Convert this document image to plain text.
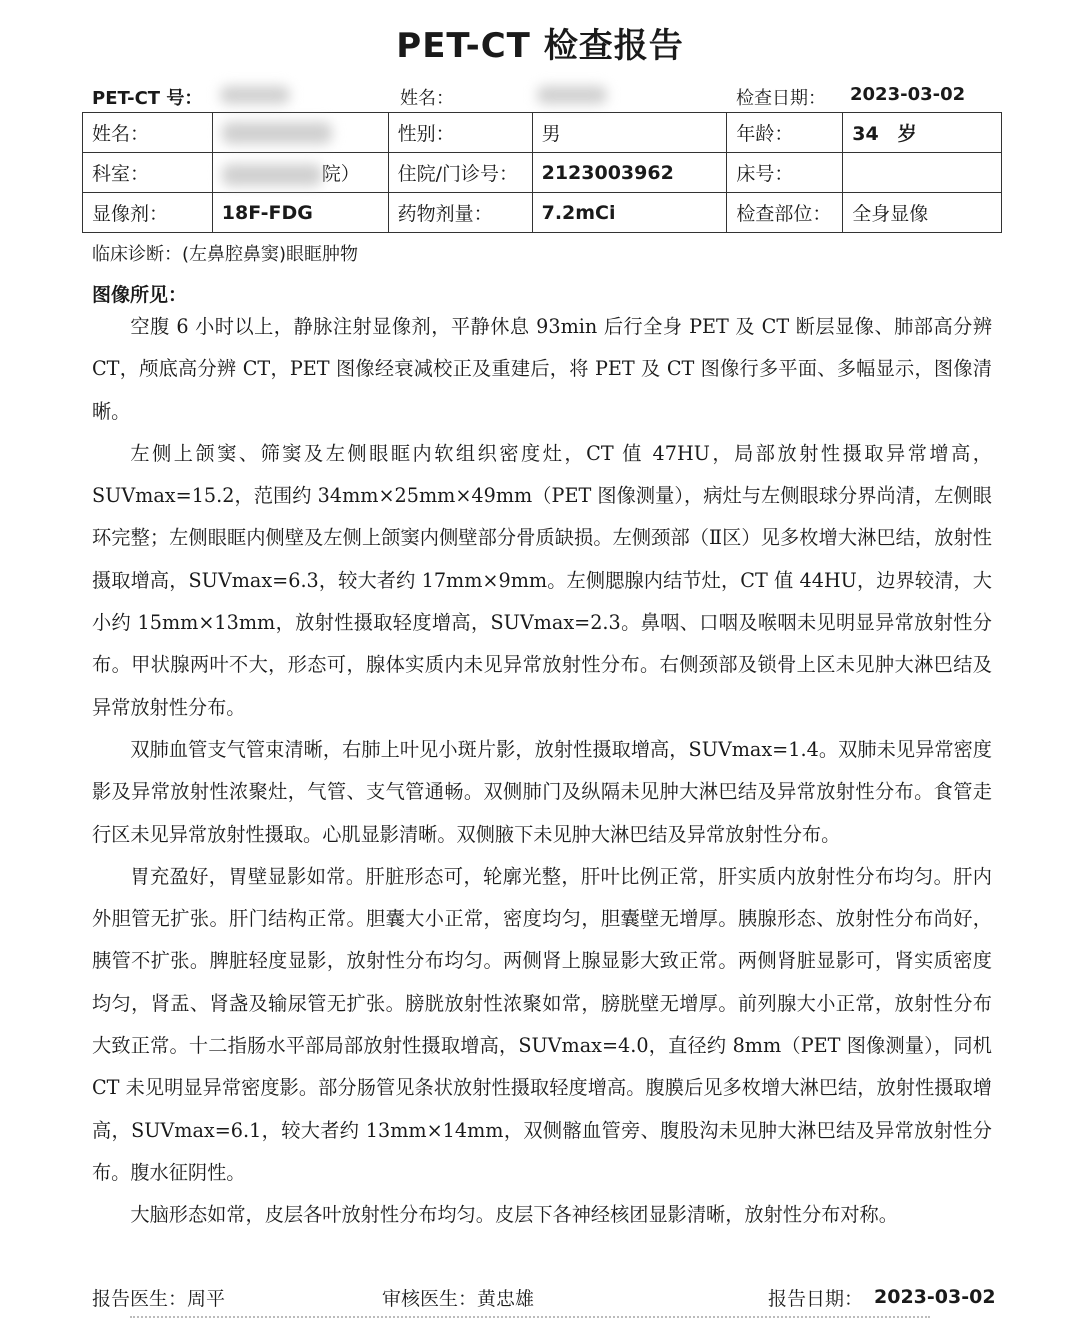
PET-CT 检查报告
PET-CT 号：	姓名：	检查日期： 2023-03-02
姓名：		性别：	男	年龄：	34　岁
科室：	院）	住院/门诊号：	2123003962	床号：	
显像剂：	18F-FDG	药物剂量：	7.2mCi	检查部位：	全身显像
临床诊断：(左鼻腔鼻窦)眼眶肿物
图像所见：

空腹 6 小时以上，静脉注射显像剂，平静休息 93min 后行全身 PET 及 CT 断层显像、肺部高分辨 CT，颅底高分辨 CT，PET 图像经衰减校正及重建后，将 PET 及 CT 图像行多平面、多幅显示，图像清晰。

左侧上颌窦、筛窦及左侧眼眶内软组织密度灶，CT 值 47HU，局部放射性摄取异常增高，SUVmax=15.2，范围约 34mm×25mm×49mm（PET 图像测量），病灶与左侧眼球分界尚清，左侧眼环完整；左侧眼眶内侧壁及左侧上颌窦内侧壁部分骨质缺损。左侧颈部（Ⅱ区）见多枚增大淋巴结，放射性摄取增高，SUVmax=6.3，较大者约 17mm×9mm。左侧腮腺内结节灶，CT 值 44HU，边界较清，大小约 15mm×13mm，放射性摄取轻度增高，SUVmax=2.3。鼻咽、口咽及喉咽未见明显异常放射性分布。甲状腺两叶不大，形态可，腺体实质内未见异常放射性分布。右侧颈部及锁骨上区未见肿大淋巴结及异常放射性分布。

双肺血管支气管束清晰，右肺上叶见小斑片影，放射性摄取增高，SUVmax=1.4。双肺未见异常密度影及异常放射性浓聚灶，气管、支气管通畅。双侧肺门及纵隔未见肿大淋巴结及异常放射性分布。食管走行区未见异常放射性摄取。心肌显影清晰。双侧腋下未见肿大淋巴结及异常放射性分布。

胃充盈好，胃壁显影如常。肝脏形态可，轮廓光整，肝叶比例正常，肝实质内放射性分布均匀。肝内外胆管无扩张。肝门结构正常。胆囊大小正常，密度均匀，胆囊壁无增厚。胰腺形态、放射性分布尚好，胰管不扩张。脾脏轻度显影，放射性分布均匀。两侧肾上腺显影大致正常。两侧肾脏显影可，肾实质密度均匀，肾盂、肾盏及输尿管无扩张。膀胱放射性浓聚如常，膀胱壁无增厚。前列腺大小正常，放射性分布大致正常。十二指肠水平部局部放射性摄取增高，SUVmax=4.0，直径约 8mm（PET 图像测量），同机 CT 未见明显异常密度影。部分肠管见条状放射性摄取轻度增高。腹膜后见多枚增大淋巴结，放射性摄取增高，SUVmax=6.1，较大者约 13mm×14mm，双侧髂血管旁、腹股沟未见肿大淋巴结及异常放射性分布。腹水征阴性。

大脑形态如常，皮层各叶放射性分布均匀。皮层下各神经核团显影清晰，放射性分布对称。

报告医生：周平	审核医生：黄忠雄	报告日期： 2023-03-02
